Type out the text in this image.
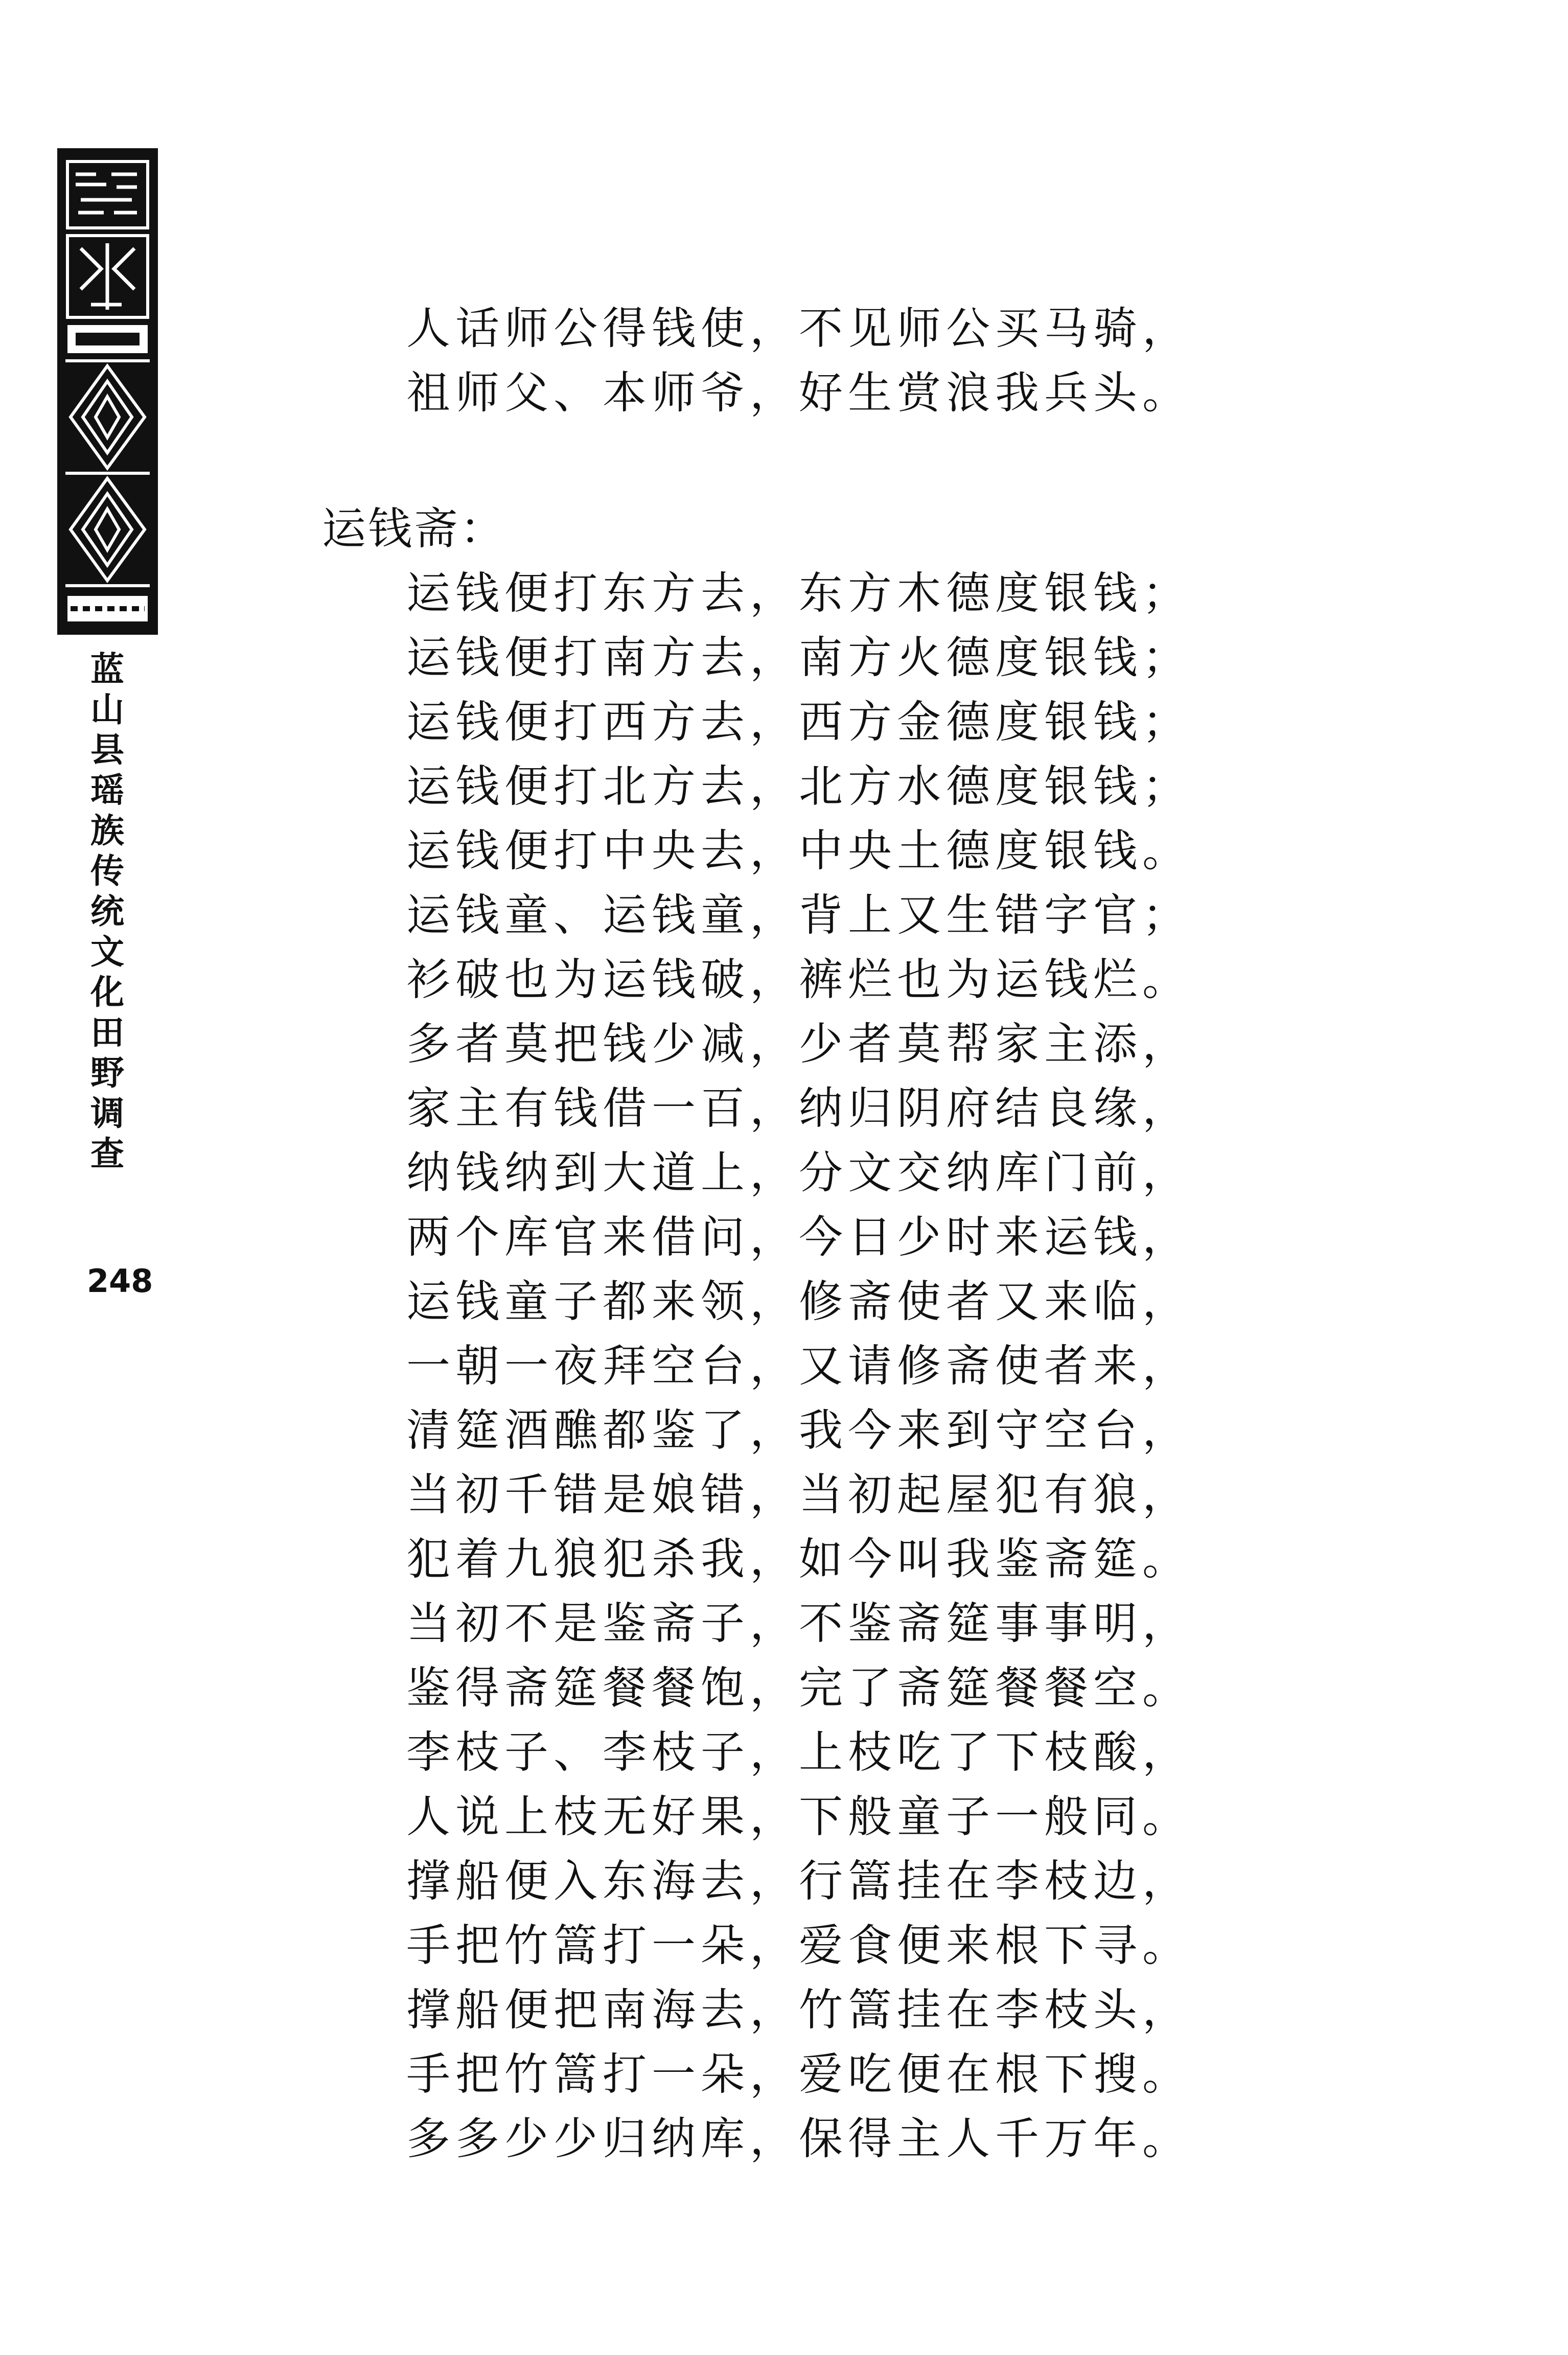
蓝
山
县
瑶
族
传
统
文
化
田
野
调
查
248
人话师公得钱使，不见师公买马骑，
祖师父、本师爷，好生赏浪我兵头。
运钱斋：
运钱便打东方去，东方木德度银钱；
运钱便打南方去，南方火德度银钱；
运钱便打西方去，西方金德度银钱；
运钱便打北方去，北方水德度银钱；
运钱便打中央去，中央土德度银钱。
运钱童、运钱童，背上又生错字官；
衫破也为运钱破，裤烂也为运钱烂。
多者莫把钱少减，少者莫帮家主添，
家主有钱借一百，纳归阴府结良缘，
纳钱纳到大道上，分文交纳库门前，
两个库官来借问，今日少时来运钱，
运钱童子都来领，修斋使者又来临，
一朝一夜拜空台，又请修斋使者来，
清筵酒醮都鉴了，我今来到守空台，
当初千错是娘错，当初起屋犯有狼，
犯着九狼犯杀我，如今叫我鉴斋筵。
当初不是鉴斋子，不鉴斋筵事事明，
鉴得斋筵餐餐饱，完了斋筵餐餐空。
李枝子、李枝子，上枝吃了下枝酸，
人说上枝无好果，下般童子一般同。
撑船便入东海去，行篙挂在李枝边，
手把竹篙打一朵，爱食便来根下寻。
撑船便把南海去，竹篙挂在李枝头，
手把竹篙打一朵，爱吃便在根下搜。
多多少少归纳库，保得主人千万年。
